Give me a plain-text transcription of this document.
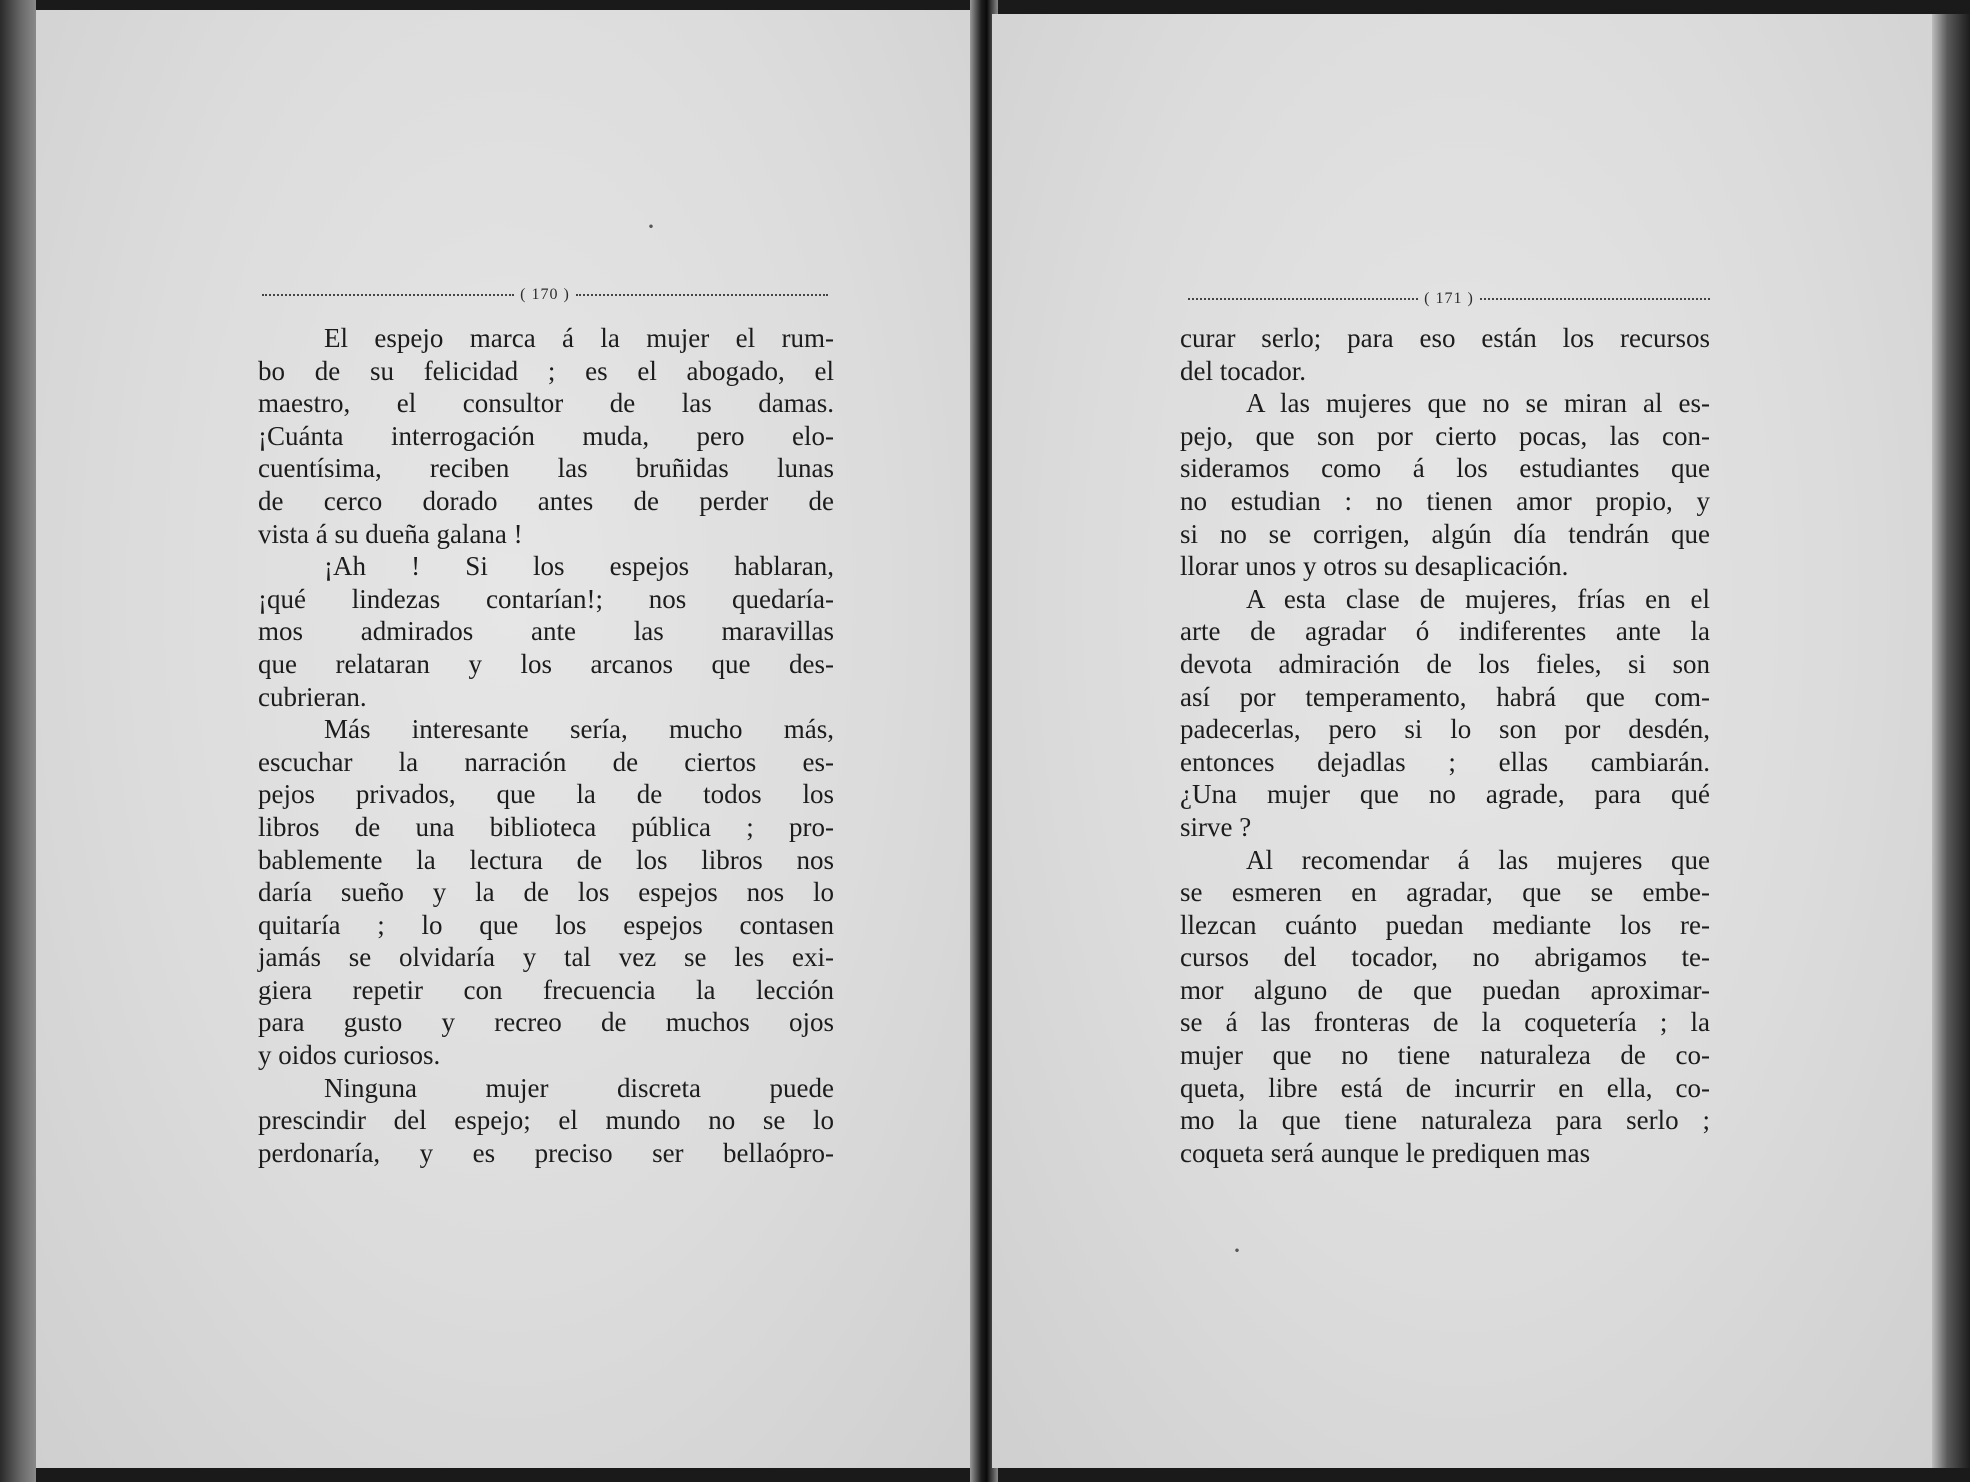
( 170 )
El espejo marca á la mujer el rum-
bo de su felicidad ; es el abogado, el
maestro, el consultor de las damas.
¡Cuánta interrogación muda, pero elo-
cuentísima, reciben las bruñidas lunas
de cerco dorado antes de perder de
vista á su dueña galana !
¡Ah ! Si los espejos hablaran,
¡qué lindezas contarían!; nos quedaría-
mos admirados ante las maravillas
que relataran y los arcanos que des-
cubrieran.
Más interesante sería, mucho más,
escuchar la narración de ciertos es-
pejos privados, que la de todos los
libros de una biblioteca pública ; pro-
bablemente la lectura de los libros nos
daría sueño y la de los espejos nos lo
quitaría ; lo que los espejos contasen
jamás se olvidaría y tal vez se les exi-
giera repetir con frecuencia la lección
para gusto y recreo de muchos ojos
y oidos curiosos.
Ninguna mujer discreta puede
prescindir del espejo; el mundo no se lo
perdonaría, y es preciso ser bellaópro-
·
( 171 )
curar serlo; para eso están los recursos
del tocador.
A las mujeres que no se miran al es-
pejo, que son por cierto pocas, las con-
sideramos como á los estudiantes que
no estudian : no tienen amor propio, y
si no se corrigen, algún día tendrán que
llorar unos y otros su desaplicación.
A esta clase de mujeres, frías en el
arte de agradar ó indiferentes ante la
devota admiración de los fieles, si son
así por temperamento, habrá que com-
padecerlas, pero si lo son por desdén,
entonces dejadlas ; ellas cambiarán.
¿Una mujer que no agrade, para qué
sirve ?
Al recomendar á las mujeres que
se esmeren en agradar, que se embe-
llezcan cuánto puedan mediante los re-
cursos del tocador, no abrigamos te-
mor alguno de que puedan aproximar-
se á las fronteras de la coquetería ; la
mujer que no tiene naturaleza de co-
queta, libre está de incurrir en ella, co-
mo la que tiene naturaleza para serlo ;
coqueta será aunque le prediquen mas
·
